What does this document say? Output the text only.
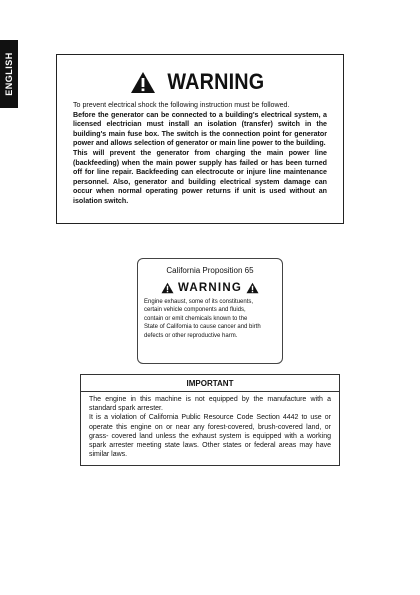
ENGLISH	WARNING

To prevent electrical shock the following instruction must be followed.

Before the generator can be connected to a building's electrical system, a licensed electrician must install an isolation (transfer) switch in the building's main fuse box. The switch is the connection point for generator power and allows selection of generator or main line power to the building.

This will prevent the generator from charging the main power line (backfeeding) when the main power supply has failed or has been turned off for line repair. Backfeeding can electrocute or injure line maintenance personnel. Also, generator and building electrical system damage can occur when normal operating power returns if unit is used without an isolation switch.

California Proposition 65
WARNING
Engine exhaust, some of its constituents,
certain vehicle components and fluids,
contain or emit chemicals known to the
State of California to cause cancer and birth
defects or other reproductive harm.
IMPORTANT

The engine in this machine is not equipped by the manufacture with a standard spark arrester.

It is a violation of California Public Resource Code Section 4442 to use or operate this engine on or near any forest-covered, brush-covered land, or grass- covered land unless the exhaust system is equipped with a working spark arrester meeting state laws. Other states or federal areas may have similar laws.
